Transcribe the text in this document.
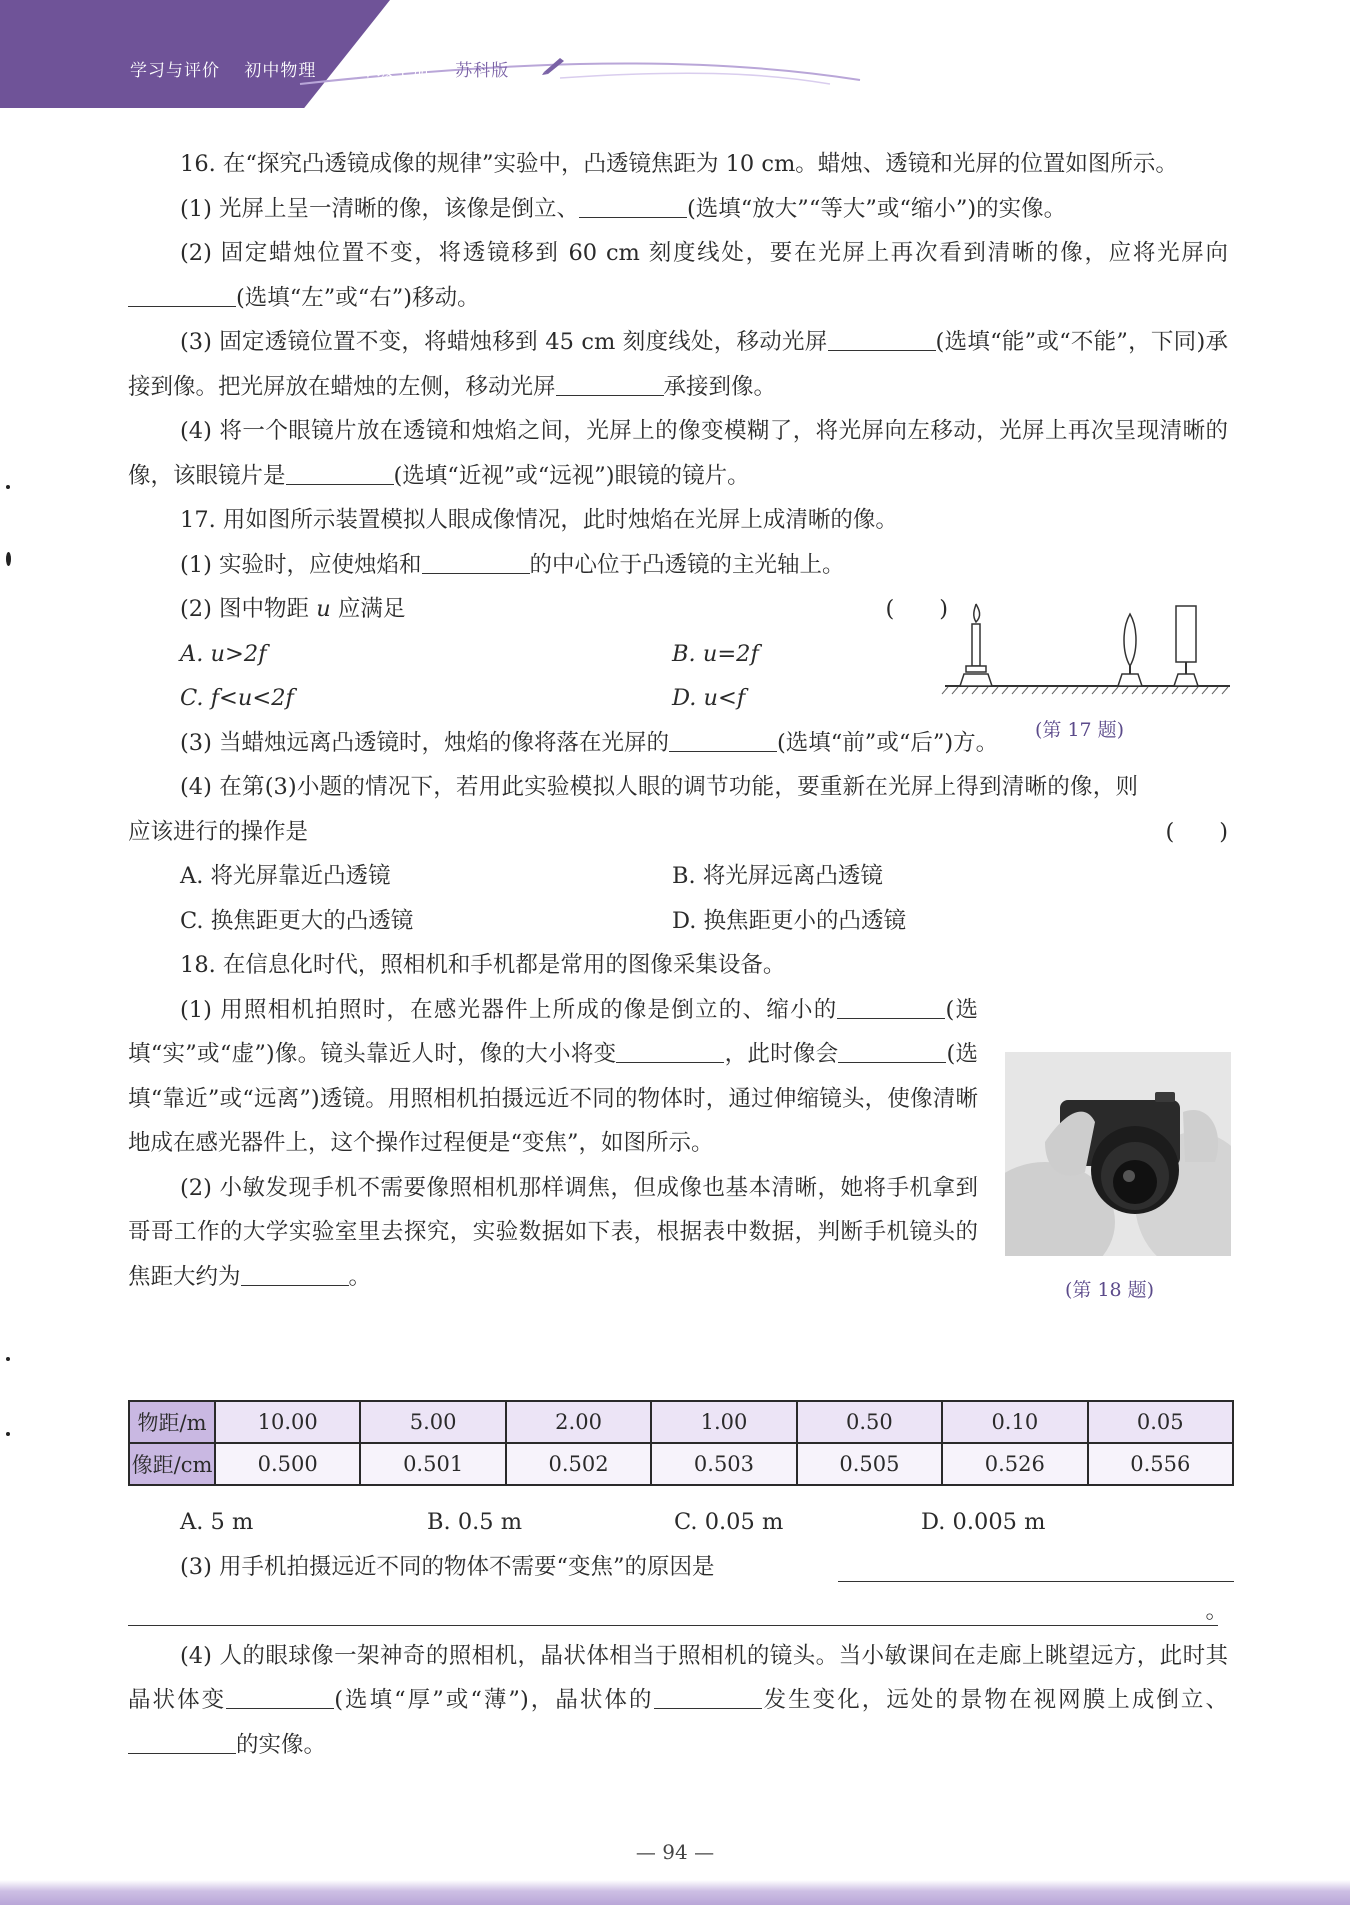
学习与评价 初中物理 八年级上册 苏科版
16. 在“探究凸透镜成像的规律”实验中，凸透镜焦距为 10 cm。蜡烛、透镜和光屏的位置如图所示。
(1) 光屏上呈一清晰的像，该像是倒立、	(选填“放大”“等大”或“缩小”)的实像。
(2) 固定蜡烛位置不变，将透镜移到 60 cm 刻度线处，要在光屏上再次看到清晰的像，应将光屏向(选填“左”或“右”)移动。
(3) 固定透镜位置不变，将蜡烛移到 45 cm 刻度线处，移动光屏	(选填“能”或“不能”，下同)承接到像。把光屏放在蜡烛的左侧，移动光屏	承接到像。
(4) 将一个眼镜片放在透镜和烛焰之间，光屏上的像变模糊了，将光屏向左移动，光屏上再次呈现清晰的像，该眼镜片是	(选填“近视”或“远视”)眼镜的镜片。
17. 用如图所示装置模拟人眼成像情况，此时烛焰在光屏上成清晰的像。
(1) 实验时，应使烛焰和	的中心位于凸透镜的主光轴上。
(2) 图中物距 u 应满足	(　　)
A. u>2f	B. u=2f
C. f<u<2f	D. u<f
(3) 当蜡烛远离凸透镜时，烛焰的像将落在光屏的	(选填“前”或“后”)方。
(4) 在第(3)小题的情况下，若用此实验模拟人眼的调节功能，要重新在光屏上得到清晰的像，则应该进行的操作是	(　　)
A. 将光屏靠近凸透镜	B. 将光屏远离凸透镜
C. 换焦距更大的凸透镜	D. 换焦距更小的凸透镜
18. 在信息化时代，照相机和手机都是常用的图像采集设备。
(1) 用照相机拍照时，在感光器件上所成的像是倒立的、缩小的	(选填“实”或“虚”)像。镜头靠近人时，像的大小将变	，此时像会	(选填“靠近”或“远离”)透镜。用照相机拍摄远近不同的物体时，通过伸缩镜头，使像清晰地成在感光器件上，这个操作过程便是“变焦”，如图所示。
(2) 小敏发现手机不需要像照相机那样调焦，但成像也基本清晰，她将手机拿到哥哥工作的大学实验室里去探究，实验数据如下表，根据表中数据，判断手机镜头的焦距大约为	。
(第 17 题)
(第 18 题)
物距/m	10.00	5.00	2.00	1.00	0.50	0.10	0.05
像距/cm	0.500	0.501	0.502	0.503	0.505	0.526	0.556
A. 5 m	B. 0.5 m	C. 0.05 m	D. 0.005 m
(3) 用手机拍摄远近不同的物体不需要“变焦”的原因是
。
(4) 人的眼球像一架神奇的照相机，晶状体相当于照相机的镜头。当小敏课间在走廊上眺望远方，此时其晶状体变	(选填“厚”或“薄”)，晶状体的	发生变化，远处的景物在视网膜上成倒立、的实像。
— 94 —
